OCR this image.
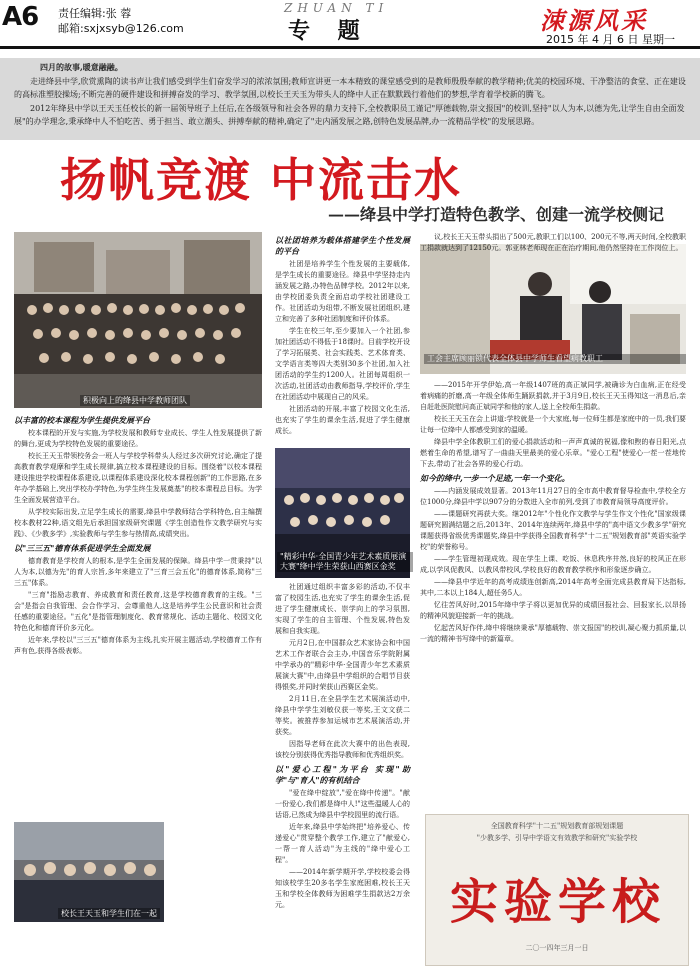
A6 责任编辑:张 蓉
邮箱:sxjxsyb@126.com
ZHUAN TI
专 题	涑源风采
2015 年 4 月 6 日 星期一

四月的故事,暖意融融。

走进绛县中学,欣赏熏陶的读书声让我们感受到学生们奋发学习的浓浓氛围;教师宣讲更一本本精致的课堂感受到的是教师殷殷奉献的教学精神;优美的校园环境、干净整洁的食堂、正在建设的高标准塑胶操场;不断完善的硬件建设和拼搏奋发的学习、教学氛围,以校长王天玉为带头人的绛中人正在默默践行着他们的梦想,学育着学校新的腾飞。

2012年绛县中学以王天玉任校长的新一届领导班子上任后,在各级领导和社会各界的鼎力支持下,全校教职员工谨记"厚德载物,崇文报国"的校训,坚持"以人为本,以德为先,让学生自由全面发展"的办学理念,秉承绛中人不怕吃苦、勇于担当、敢立潮头、拼搏奉献的精神,确定了"走内涵发展之路,创特色发展品牌,办一流精品学校"的发展思路。

扬帆竞渡 中流击水
——绛县中学打造特色教学、创建一流学校侧记
积极向上的绛县中学教师团队
工会主席顾丽锁代表全体县中学师生看望病教职工
"精彩中华·全国青少年艺术素质展演大赛"绛中学生荣获山西赛区金奖
校长王天玉和学生们在一起

以丰富的校本课程为学生提供发展平台

校本课程的开发与实施,为学校发展和教师专业成长、学生人性发展提供了新的舞台,更成为学校特色发展的重要途径。

校长王天玉带领校务会一班人与学校学科带头人经过多次研究讨论,确定了提高教育教学观摩和学生成长规律,搞立校本课程建设的目标。围绕着"以校本课程建设推进学校课程体系建设,以课程体系建设深化校本课程创新"的工作思路,在多年办学基础上,突出学校办学特色,为学生终生发展奠基"的校本课程总目标。为学生全面发展营造平台。

从学校实际出发,立足学生成长的需要,绛县中学教师结合学科特色,自主编撰校本教材22种,语文组先后承担国家级研究课题《学生创造性作文教学研究与实践》、《少教多学》,实验教师与学生参与热情高,成绩突出。

以"三三五"德育体系促进学生全面发展

德育教育是学校育人的根本,是学生全面发展的保障。绛县中学一贯秉持"以人为本,以德为先"的育人宗旨,多年来建立了"三育三会五化"的德育体系,简称"三三五"体系。

"三育"指励志教育、养成教育和责任教育,这是学校德育教育的主线。"三会"是指会自我管理、会合作学习、会尊重他人,这是培养学生公民意识和社会责任感的重要途径。"五化"是指管理制度化、教育常规化、活动主题化、校园文化特色化和德育评价多元化。

近年来,学校以"三三五"德育体系为主线,扎实开展主题活动,学校德育工作有声有色,获得各级表彰。

以社团培养为载体搭建学生个性发展的平台

社团是培养学生个性发展的主要载体,是学生成长的重要途径。绛县中学坚持走内涵发展之路,办特色品牌学校。2012年以来,由学校团委负责全面启动学校社团建设工作。社团活动为纽带,不断发展社团组织,建立和完善了多种社团制度和评价体系。

学生在校三年,至少要加入一个社团,参加社团活动不得低于18课时。目前学校开设了学习拓展类、社会实践类、艺术体育类、文学语言类等四大类别30多个社团,加入社团活动的学生约1200人。社团每周组织一次活动,社团活动由教师指导,学校评价,学生在社团活动中展现自己的风采。

社团活动的开展,丰富了校园文化生活,也充实了学生的课余生活,促进了学生健康成长。

社团通过组织丰富多彩的活动,不仅丰富了校园生活,也充实了学生的课余生活,促进了学生健康成长、崇学向上的学习氛围,实现了学生的自主管理、个性发展,特色发展和自我实现。

元月2日,在中国群众艺术家协会和中国艺术工作者联合会主办,中国音乐学院附属中学承办的"精彩中华·全国青少年艺术素质展演大赛"中,由绛县中学组织的合唱节目获得银奖,并同时荣获山西赛区金奖。

2月11日,在全县学生艺术展演活动中,绛县中学学生刘敏仪获一等奖,王文文获二等奖。被推荐参加运城市艺术展演活动,并获奖。

因指导老师在此次大赛中的出色表现,该校分别获得优秀指导教师和优秀组织奖。

以"爱心工程"为平台 实现"助学"与"育人"的有机结合

"爱在绛中绽放","爱在绛中传递"。"献一份爱心,我们都是绛中人!"这些温暖人心的话语,已然成为绛县中学校园里的流行语。

近年来,绛县中学始终把"培养爱心、传递爱心"贯穿整个教学工作,建立了"献爱心,一帮一育人活动"为主线的"绛中爱心工程"。

——2014年新学期开学,学校校委会得知该校学生20多名学生家庭困难,校长王天玉和学校全体教师为困难学生捐款达2万余元。

议,校长王天玉带头捐出了500元,教职工们以100、200元不等,两天时间,全校教职工捐款就达到了12150元。郭亚林老师现在正在治疗期间,他仍然坚持在工作岗位上。

——2015年开学伊始,高一年级1407班的高正斌同学,被确诊为白血病,正在经受着病痛的折磨,高一年级全体师生踊跃捐款,并于3月9日,校长王天玉得知这一消息后,亲自赶赴医院慰问高正斌同学和他的家人,送上全校师生捐款。

校长王天玉在会上讲道:学校就是一个大家庭,每一位师生都是家庭中的一员,我们要让每一位绛中人都感受到家的温暖。

绛县中学全体教职工们的爱心捐款活动和一声声真诚的祝福,像和煦的春日阳光,点燃着生命的希望,谱写了一曲曲天里最美的爱心乐章。"爱心工程"使爱心一茬一茬地传下去,带动了社会各界的爱心行动。

如今的绛中,一步一个足迹,一年一个变化。

——内涵发展成效显著。2013年11月27日的全市高中教育督导检查中,学校全方位1000分,绛县中学以907分的分数进入全市前列,受到了市教育局领导高度评价。

——课题研究再获大奖。继2012年"个性化作文教学与学生作文个性化"国家级课题研究圆满结题之后,2013年、2014年连续两年,绛县中学的"高中语文少教多学"研究课题获得省级优秀课题奖,绛县中学获得全国教育科学"十二五"规划教育部"英语实验学校"的荣誉称号。

——学生管理初现成效。现在学生上课、吃饭、休息秩序井然,良好的校风正在形成,以学风促教风、以教风带校风,学校良好的教育教学秩序和形象逐步确立。

——绛县中学近年的高考成绩连创新高,2014年高考全面完成县教育局下达指标,其中,二本以上184人,超任务5人。

忆往苦风好时,2015年绛中学子将以更加优异的成绩回报社会、回报家长,以昂扬的精神风貌迎接新一年的挑战。

忆起苦风好作伴,绛中将继续秉承"厚德载物、崇文报国"的校训,凝心聚力抓质量,以一流的精神书写绛中的新篇章。

全国教育科学"十二五"规划教育部规划课题
"少教多学、引导中学语文有效教学和研究"实验学校
实验学校
二〇一四年三月一日
